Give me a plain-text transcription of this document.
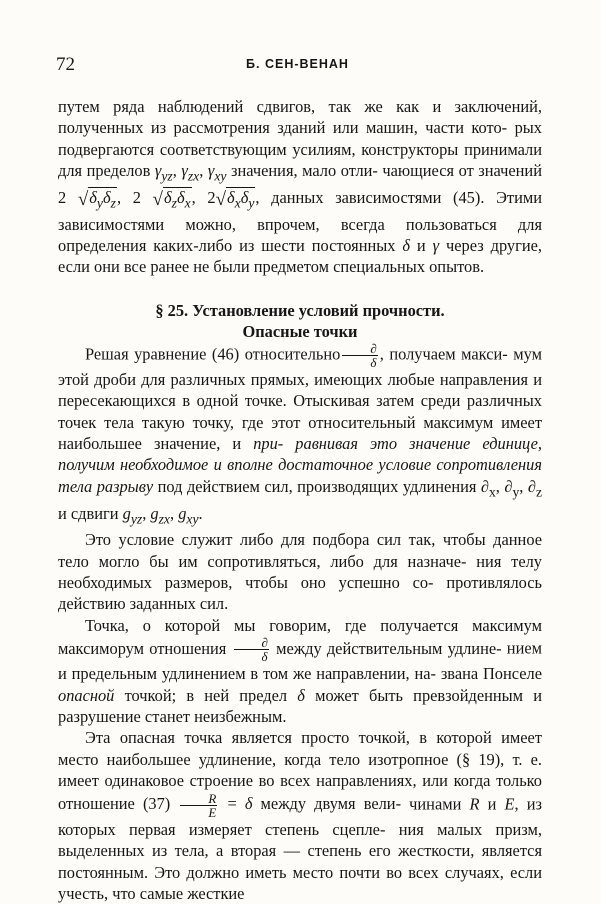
72	Б. СЕН-ВЕНАН

путем ряда наблюдений сдвигов, так же как и заключений, полученных из рассмотрения зданий или машин, части кото- рых подвергаются соответствующим усилиям, конструкторы принимали для пределов $\gamma_{yz}$, $\gamma_{zx}$, $\gamma_{xy}$ значения, мало отли- чающиеся от значений 2 $√\delta_y\delta_z$, 2 $√\delta_z\delta_x$, $2√\delta_x\delta_y$, данных зависимостями (45). Этими зависимостями можно, впрочем, всегда пользоваться для определения каких-либо из шести постоянных δ и γ через другие, если они все ранее не были предметом специальных опытов.

§ 25. Установление условий прочности.
Опасные точки

Решая уравнение (46) относительно $\frac{\partial}{\delta}$ , получаем макси- мум этой дроби для различных прямых, имеющих любые направления и пересекающихся в одной точке. Отыскивая затем среди различных точек тела такую точку, где этот относительный максимум имеет наибольшее значение, и при- равнивая это значение единице, получим необходимое и вполне достаточное условие сопротивления тела разрыву под действием сил, производящих удлинения $\partial_x$, $\partial_y$, $\partial_z$ и сдвиги $g_{yz}$, $g_{zx}$, $g_{xy}$.

Это условие служит либо для подбора сил так, чтобы данное тело могло бы им сопротивляться, либо для назначе- ния телу необходимых размеров, чтобы оно успешно со- противлялось действию заданных сил.

Точка, о которой мы говорим, где получается максимум максиморум отношения $\frac{\partial}{\delta}$ между действительным удлине- нием и предельным удлинением в том же направлении, на- звана Понселе опасной точкой; в ней предел δ может быть превзойденным и разрушение станет неизбежным.

Эта опасная точка является просто точкой, в которой имеет место наибольшее удлинение, когда тело изотропное (§ 19), т. е. имеет одинаковое строение во всех направлениях, или когда только отношение $(37) \frac{R}{E} = \delta$ между двумя вели- чинами R и E, из которых первая измеряет степень сцепле- ния малых призм, выделенных из тела, а вторая — степень его жесткости, является постоянным. Это должно иметь место почти во всех случаях, если учесть, что самые жесткие
